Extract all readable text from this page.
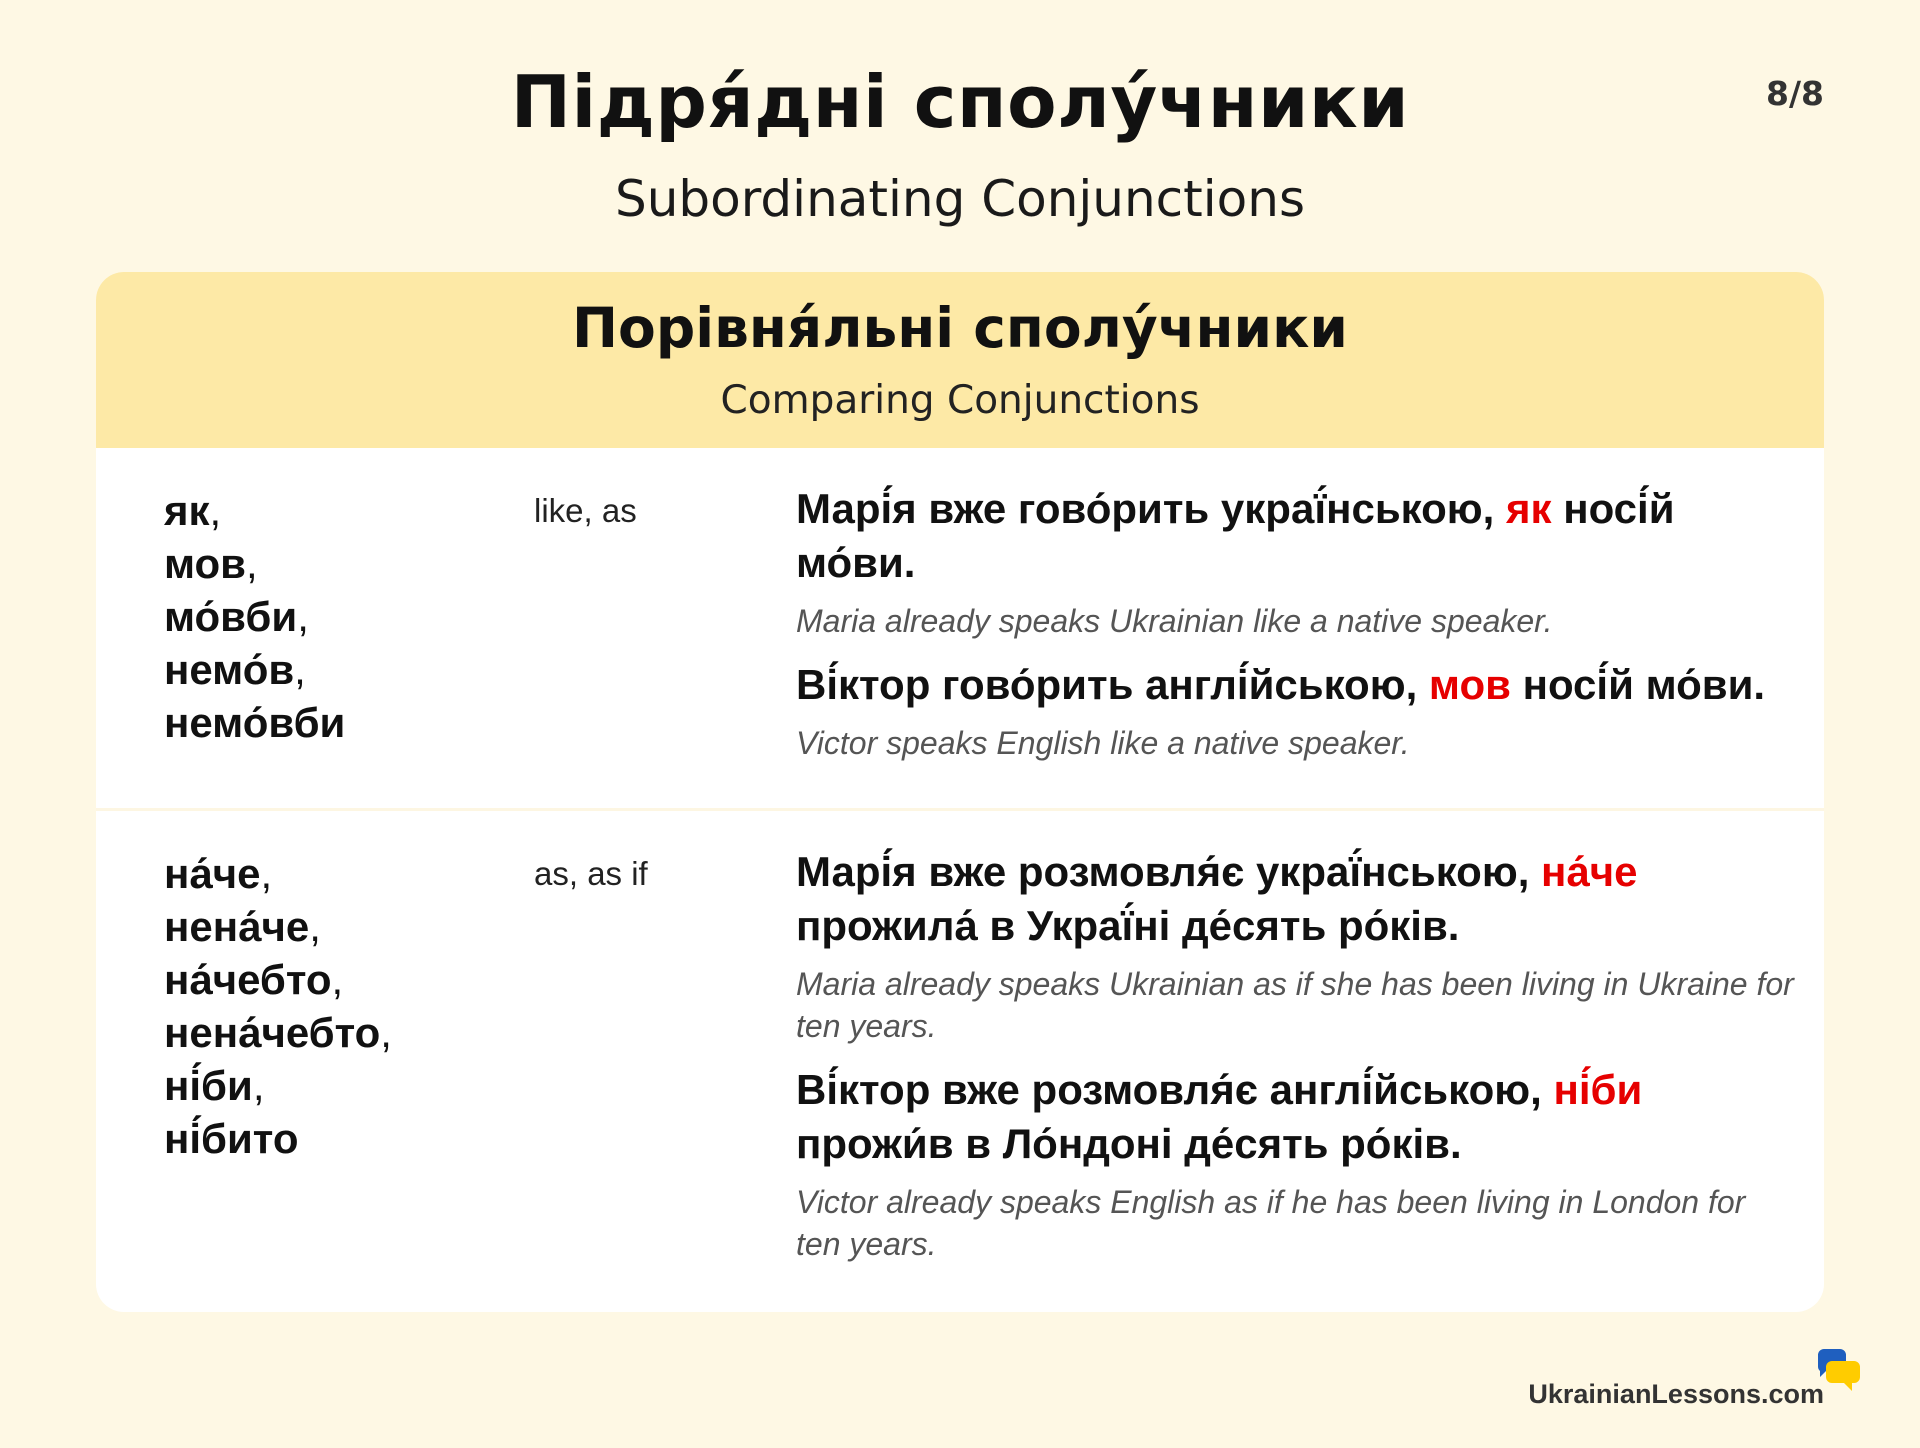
Підря́дні сполу́чники
Subordinating Conjunctions
8/8
Порівня́льні сполу́чники
Comparing Conjunctions
як,
мов,
мо́вби,
немо́в,
немо́вби
like, as	Марі́я вже гово́рить украї́нською, як носі́й мо́ви.
Maria already speaks Ukrainian like a native speaker.
Ві́ктор гово́рить англі́йською, мов носі́й мо́ви.
Victor speaks English like a native speaker.
на́че,
нена́че,
на́чебто,
нена́чебто,
ні́би,
ні́бито
as, as if	Марі́я вже розмовля́є украї́нською, на́че прожила́ в Украї́ні де́сять ро́ків.
Maria already speaks Ukrainian as if she has been living in Ukraine for ten years.
Ві́ктор вже розмовля́є англі́йською, ні́би прожи́в в Ло́ндоні де́сять ро́ків.
Victor already speaks English as if he has been living in London for ten years.
UkrainianLessons.com
